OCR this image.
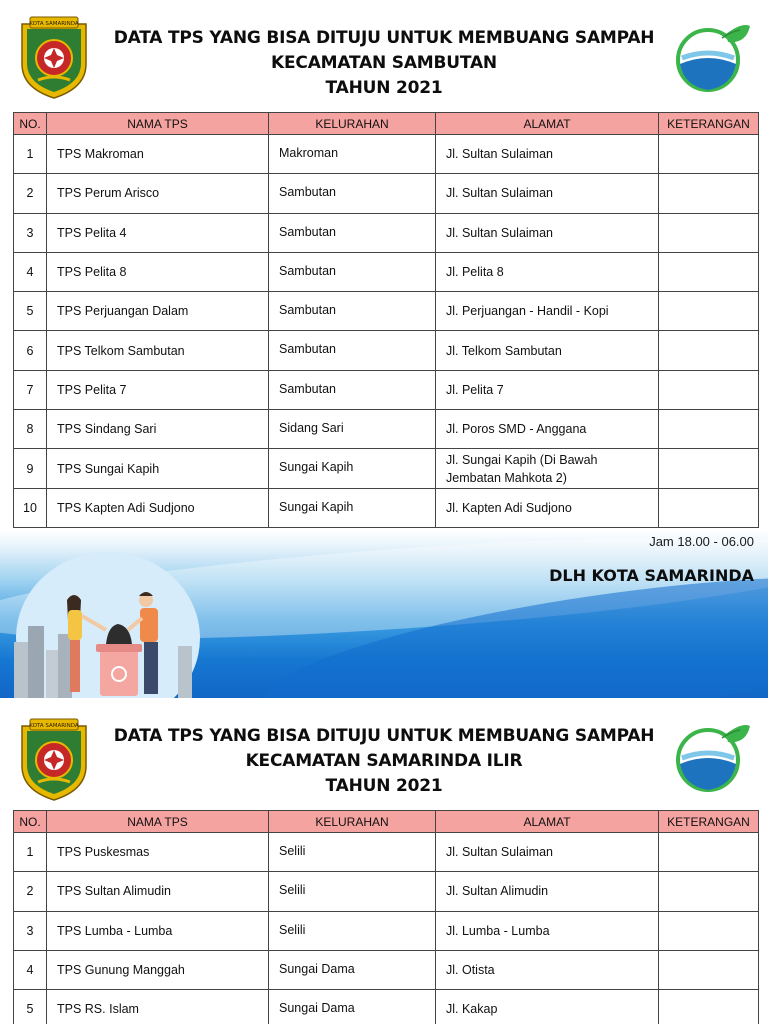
KOTA SAMARINDA
DATA TPS YANG BISA DITUJU UNTUK MEMBUANG SAMPAH
KECAMATAN SAMBUTAN
TAHUN 2021
NO.	NAMA TPS	KELURAHAN	ALAMAT	KETERANGAN
1	TPS Makroman	Makroman	Jl. Sultan Sulaiman	
2	TPS Perum Arisco	Sambutan	Jl. Sultan Sulaiman	
3	TPS Pelita 4	Sambutan	Jl. Sultan Sulaiman	
4	TPS Pelita 8	Sambutan	Jl. Pelita 8	
5	TPS Perjuangan Dalam	Sambutan	Jl. Perjuangan - Handil - Kopi	
6	TPS Telkom Sambutan	Sambutan	Jl. Telkom Sambutan	
7	TPS Pelita 7	Sambutan	Jl. Pelita 7	
8	TPS Sindang Sari	Sidang Sari	Jl. Poros SMD - Anggana	
9	TPS Sungai Kapih	Sungai Kapih	Jl. Sungai Kapih (Di Bawah Jembatan Mahkota 2)	
10	TPS Kapten Adi Sudjono	Sungai Kapih	Jl. Kapten Adi Sudjono	
Jam 18.00 - 06.00
DLH KOTA SAMARINDA
KOTA SAMARINDA	DATA TPS YANG BISA DITUJU UNTUK MEMBUANG SAMPAH
KECAMATAN SAMARINDA ILIR
TAHUN 2021
NO.	NAMA TPS	KELURAHAN	ALAMAT	KETERANGAN
1	TPS Puskesmas	Selili	Jl. Sultan Sulaiman	
2	TPS Sultan Alimudin	Selili	Jl. Sultan Alimudin	
3	TPS Lumba - Lumba	Selili	Jl. Lumba - Lumba	
4	TPS Gunung Manggah	Sungai Dama	Jl. Otista	
5	TPS RS. Islam	Sungai Dama	Jl. Kakap	
